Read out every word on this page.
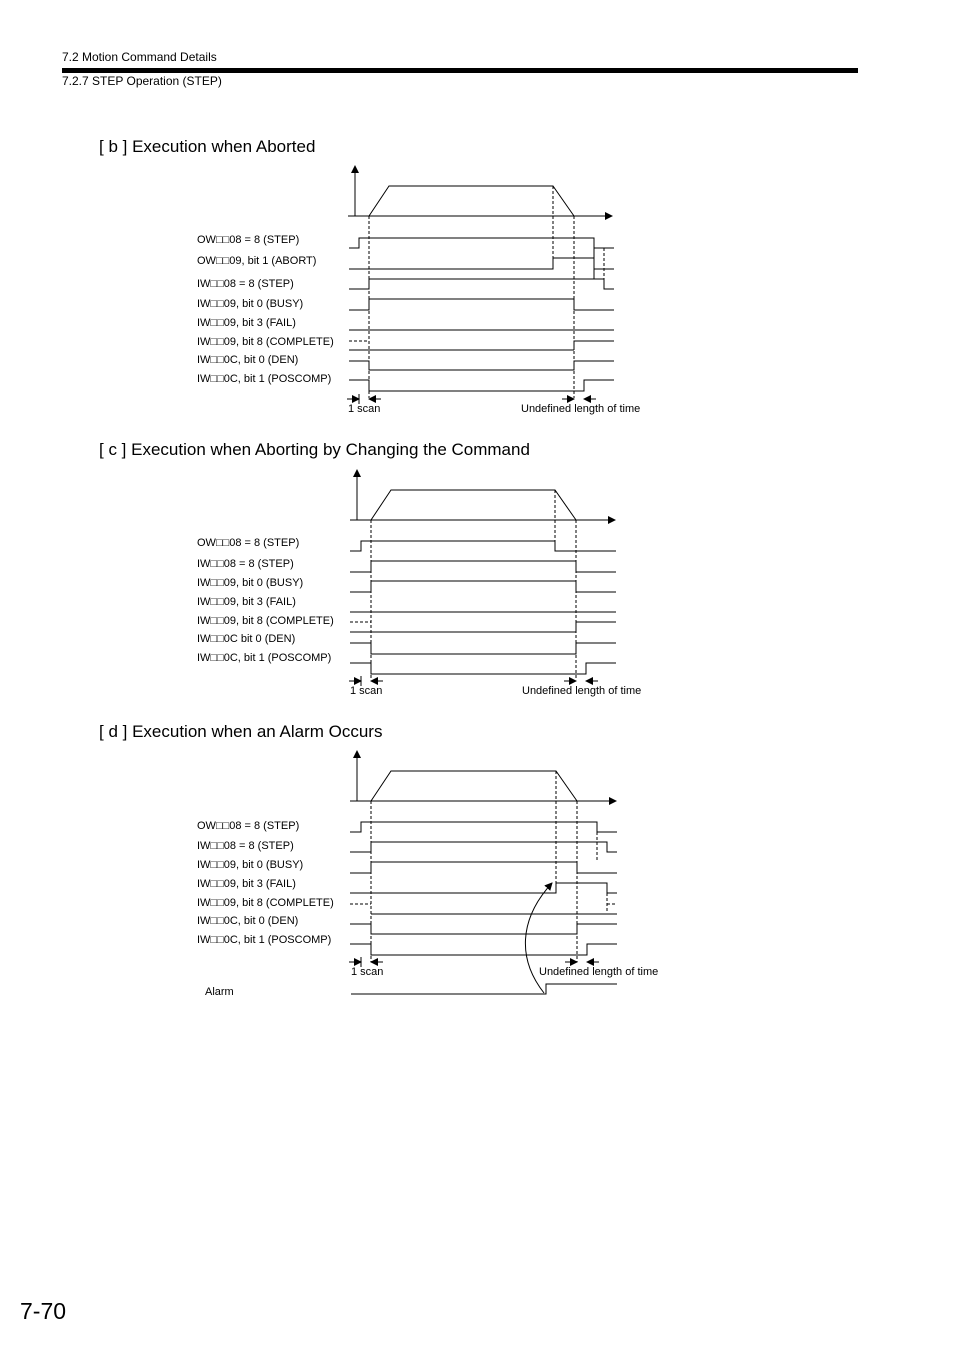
7.2 Motion Command Details
7.2.7 STEP Operation (STEP)
[ b ] Execution when Aborted
[ c ] Execution when Aborting by Changing the Command
[ d ] Execution when an Alarm Occurs
OW□□08 = 8 (STEP)
OW□□09, bit 1 (ABORT)
IW□□08 = 8 (STEP)
IW□□09, bit 0 (BUSY)
IW□□09, bit 3 (FAIL)
IW□□09, bit 8 (COMPLETE)
IW□□0C, bit 0 (DEN)
IW□□0C, bit 1 (POSCOMP)
1 scan	Undefined length of time
OW□□08 = 8 (STEP)
IW□□08 = 8 (STEP)
IW□□09, bit 0 (BUSY)
IW□□09, bit 3 (FAIL)
IW□□09, bit 8 (COMPLETE)
IW□□0C bit 0 (DEN)
IW□□0C, bit 1 (POSCOMP)
1 scan	Undefined length of time
OW□□08 = 8 (STEP)
IW□□08 = 8 (STEP)
IW□□09, bit 0 (BUSY)
IW□□09, bit 3 (FAIL)
IW□□09, bit 8 (COMPLETE)
IW□□0C, bit 0 (DEN)
IW□□0C, bit 1 (POSCOMP)
1 scan	Undefined length of time
Alarm
7-70
